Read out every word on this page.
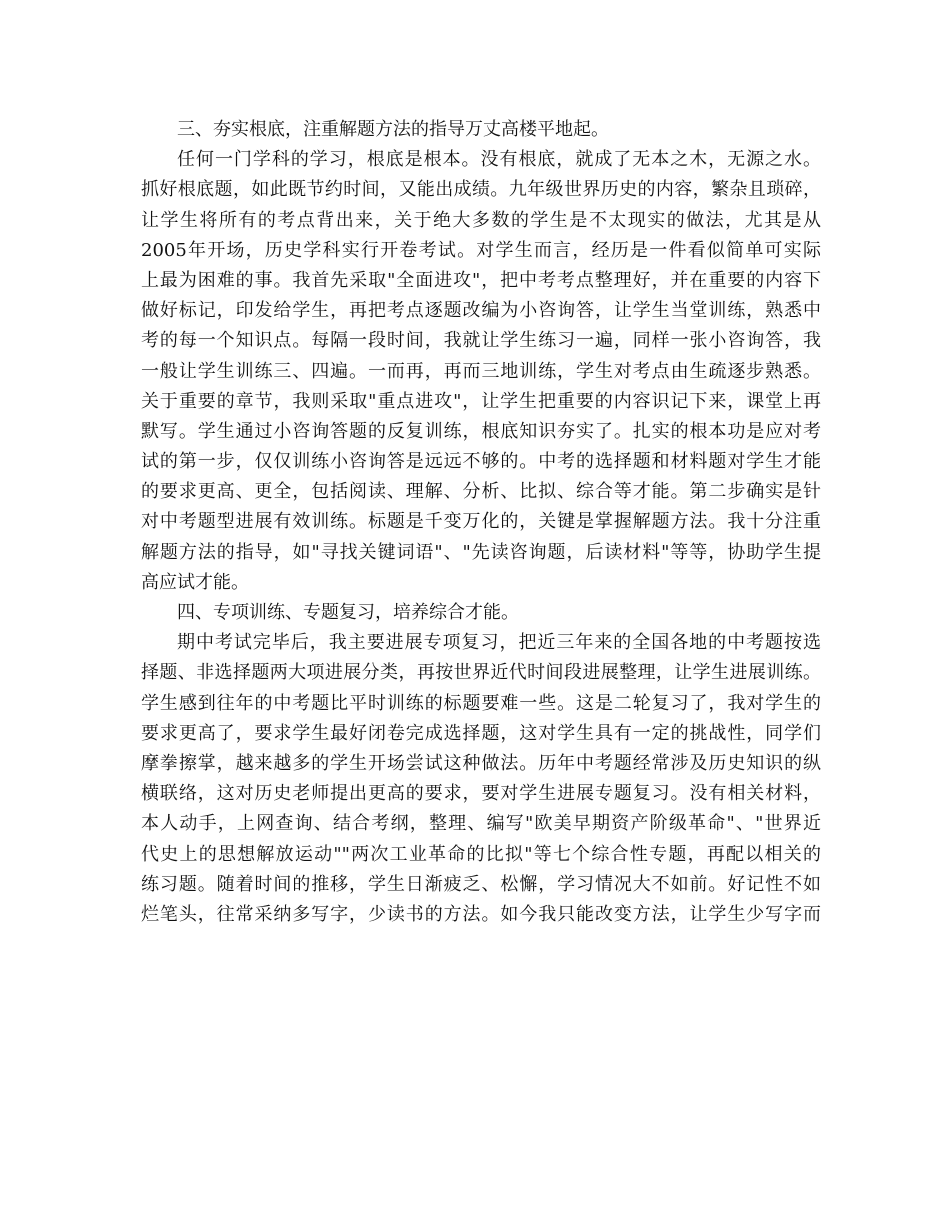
三、夯实根底，注重解题方法的指导万丈高楼平地起。

任何一门学科的学习，根底是根本。没有根底，就成了无本之木，无源之水。

抓好根底题，如此既节约时间，又能出成绩。九年级世界历史的内容，繁杂且琐碎，

让学生将所有的考点背出来，关于绝大多数的学生是不太现实的做法，尤其是从

2005年开场，历史学科实行开卷考试。对学生而言，经历是一件看似简单可实际

上最为困难的事。我首先采取"全面进攻"，把中考考点整理好，并在重要的内容下

做好标记，印发给学生，再把考点逐题改编为小咨询答，让学生当堂训练，熟悉中

考的每一个知识点。每隔一段时间，我就让学生练习一遍，同样一张小咨询答，我

一般让学生训练三、四遍。一而再，再而三地训练，学生对考点由生疏逐步熟悉。

关于重要的章节，我则采取"重点进攻"，让学生把重要的内容识记下来，课堂上再

默写。学生通过小咨询答题的反复训练，根底知识夯实了。扎实的根本功是应对考

试的第一步，仅仅训练小咨询答是远远不够的。中考的选择题和材料题对学生才能

的要求更高、更全，包括阅读、理解、分析、比拟、综合等才能。第二步确实是针

对中考题型进展有效训练。标题是千变万化的，关键是掌握解题方法。我十分注重

解题方法的指导，如"寻找关键词语"、"先读咨询题，后读材料"等等，协助学生提

高应试才能。

四、专项训练、专题复习，培养综合才能。

期中考试完毕后，我主要进展专项复习，把近三年来的全国各地的中考题按选

择题、非选择题两大项进展分类，再按世界近代时间段进展整理，让学生进展训练。

学生感到往年的中考题比平时训练的标题要难一些。这是二轮复习了，我对学生的

要求更高了，要求学生最好闭卷完成选择题，这对学生具有一定的挑战性，同学们

摩拳擦掌，越来越多的学生开场尝试这种做法。历年中考题经常涉及历史知识的纵

横联络，这对历史老师提出更高的要求，要对学生进展专题复习。没有相关材料，

本人动手，上网查询、结合考纲，整理、编写"欧美早期资产阶级革命"、"世界近

代史上的思想解放运动""两次工业革命的比拟"等七个综合性专题，再配以相关的

练习题。随着时间的推移，学生日渐疲乏、松懈，学习情况大不如前。好记性不如

烂笔头，往常采纳多写字，少读书的方法。如今我只能改变方法，让学生少写字而
